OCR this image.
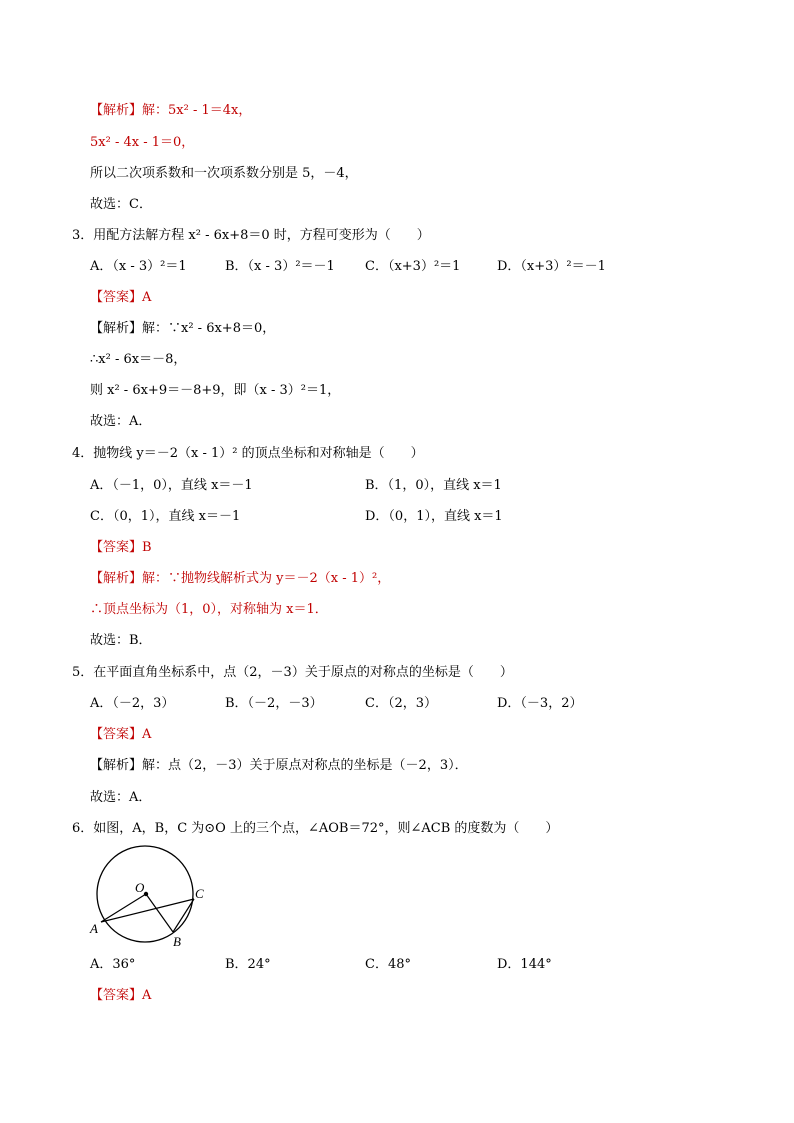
【解析】解：5x² - 1＝4x，
5x² - 4x - 1＝0，
所以二次项系数和一次项系数分别是 5，－4，
故选：C．
3．用配方法解方程 x² - 6x+8＝0 时，方程可变形为（　　）
A．（x - 3）²＝1	B．（x - 3）²＝－1 C．（x+3）²＝1	D．（x+3）²＝－1
【答案】A
【解析】解：∵x² - 6x+8＝0，
∴x² - 6x＝－8，
则 x² - 6x+9＝－8+9，即（x - 3）²＝1，
故选：A．
4．抛物线 y＝－2（x - 1）² 的顶点坐标和对称轴是（　　）
A．（－1，0），直线 x＝－1	B．（1，0），直线 x＝1
C．（0，1），直线 x＝－1	D．（0，1），直线 x＝1
【答案】B
【解析】解：∵抛物线解析式为 y＝－2（x - 1）²，
∴顶点坐标为（1，0），对称轴为 x＝1．
故选：B．
5．在平面直角坐标系中，点（2，－3）关于原点的对称点的坐标是（　　）
A．（－2，3）	B．（－2，－3）	C．（2，3）	D．（－3，2）
【答案】A
【解析】解：点（2，－3）关于原点对称点的坐标是（－2，3）．
故选：A．
6．如图，A，B，C 为⊙O 上的三个点，∠AOB＝72°，则∠ACB 的度数为（　　）
O
A
B
C
A．36°	B．24°	C．48°	D．144°
【答案】A
